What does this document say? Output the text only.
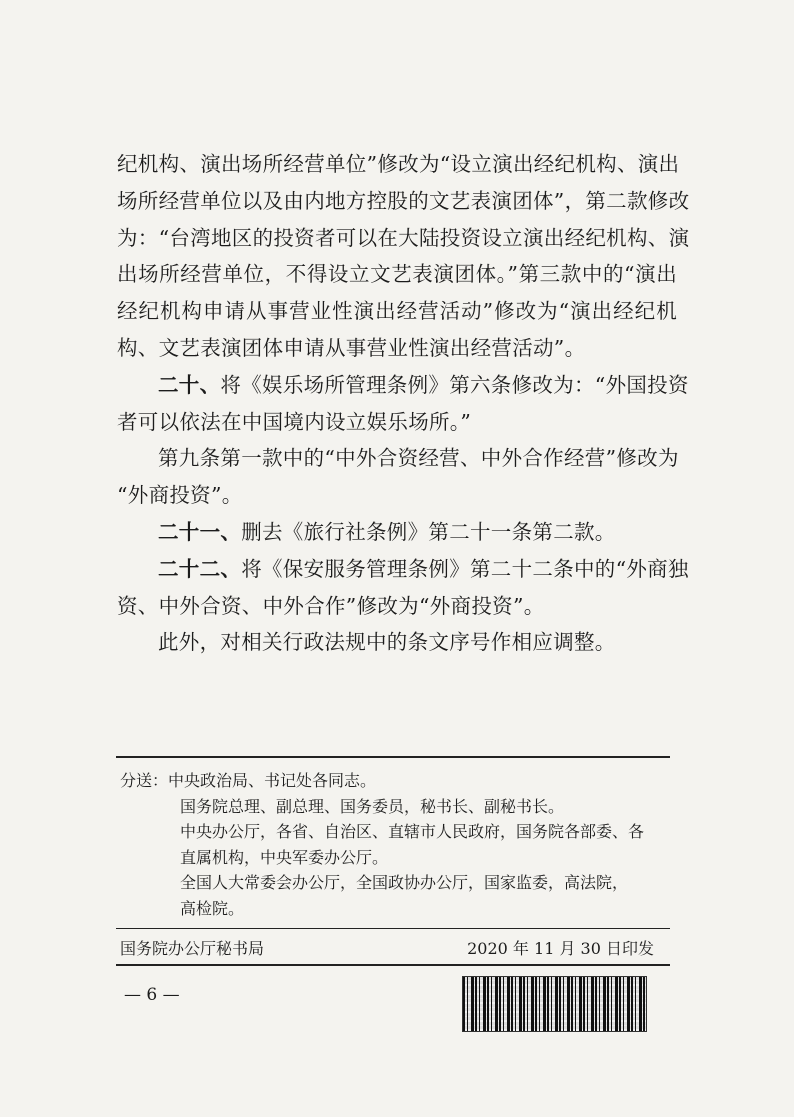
纪机构、演出场所经营单位”修改为“设立演出经纪机构、演出
场所经营单位以及由内地方控股的文艺表演团体”，第二款修改
为：“台湾地区的投资者可以在大陆投资设立演出经纪机构、演
出场所经营单位，不得设立文艺表演团体。”第三款中的“演出
经纪机构申请从事营业性演出经营活动”修改为“演出经纪机
构、文艺表演团体申请从事营业性演出经营活动”。
二十、将《娱乐场所管理条例》第六条修改为：“外国投资
者可以依法在中国境内设立娱乐场所。”
第九条第一款中的“中外合资经营、中外合作经营”修改为
“外商投资”。
二十一、删去《旅行社条例》第二十一条第二款。
二十二、将《保安服务管理条例》第二十二条中的“外商独
资、中外合资、中外合作”修改为“外商投资”。
此外，对相关行政法规中的条文序号作相应调整。
分送：中央政治局、书记处各同志。
国务院总理、副总理、国务委员，秘书长、副秘书长。
中央办公厅，各省、自治区、直辖市人民政府，国务院各部委、各
直属机构，中央军委办公厅。
全国人大常委会办公厅，全国政协办公厅，国家监委，高法院，
高检院。
国务院办公厅秘书局	2020 年 11 月 30 日印发
— 6 —
